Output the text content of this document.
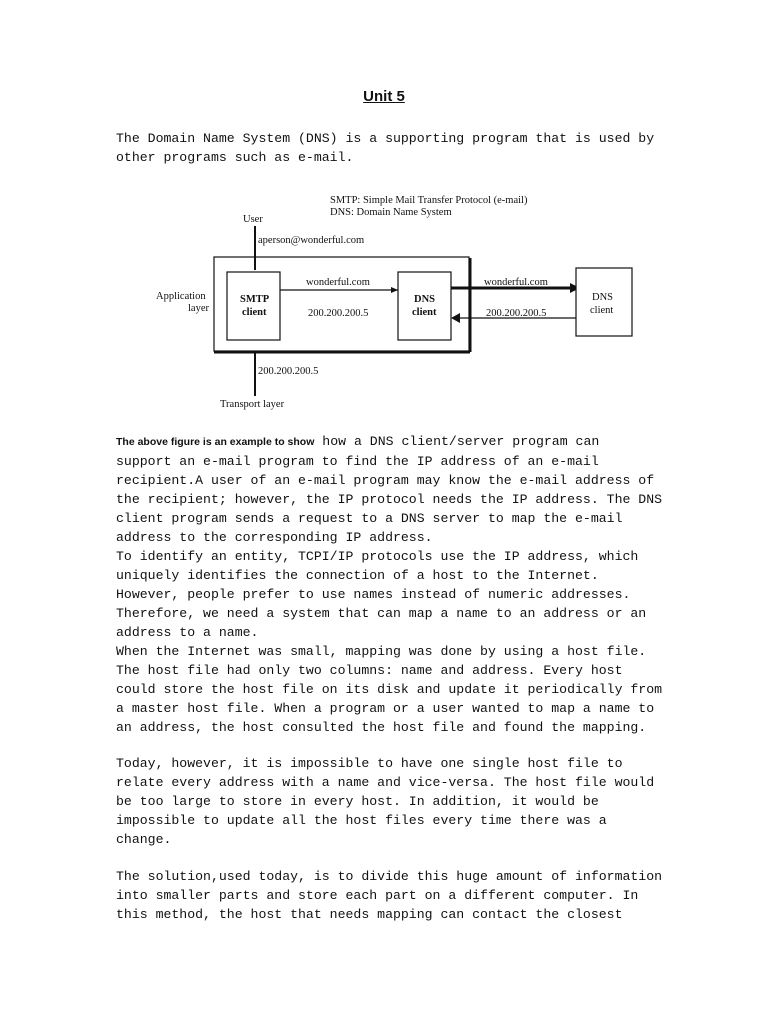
Unit 5
The Domain Name System (DNS) is a supporting program that is used by
other programs such as e-mail.
SMTP: Simple Mail Transfer Protocol (e-mail)
DNS: Domain Name System
User
aperson@wonderful.com
Application
layer
SMTP
client
DNS
client
wonderful.com
200.200.200.5
wonderful.com
200.200.200.5
DNS
client
200.200.200.5
Transport layer
The above figure is an example to show how a DNS client/server program can
support an e-mail program to find the IP address of an e-mail
recipient.A user of an e-mail program may know the e-mail address of
the recipient; however, the IP protocol needs the IP address. The DNS
client program sends a request to a DNS server to map the e-mail
address to the corresponding IP address.
To identify an entity, TCPI/IP protocols use the IP address, which
uniquely identifies the connection of a host to the Internet.
However, people prefer to use names instead of numeric addresses.
Therefore, we need a system that can map a name to an address or an
address to a name.
When the Internet was small, mapping was done by using a host file.
The host file had only two columns: name and address. Every host
could store the host file on its disk and update it periodically from
a master host file. When a program or a user wanted to map a name to
an address, the host consulted the host file and found the mapping.
Today, however, it is impossible to have one single host file to
relate every address with a name and vice-versa. The host file would
be too large to store in every host. In addition, it would be
impossible to update all the host files every time there was a
change.
The solution,used today, is to divide this huge amount of information
into smaller parts and store each part on a different computer. In
this method, the host that needs mapping can contact the closest
